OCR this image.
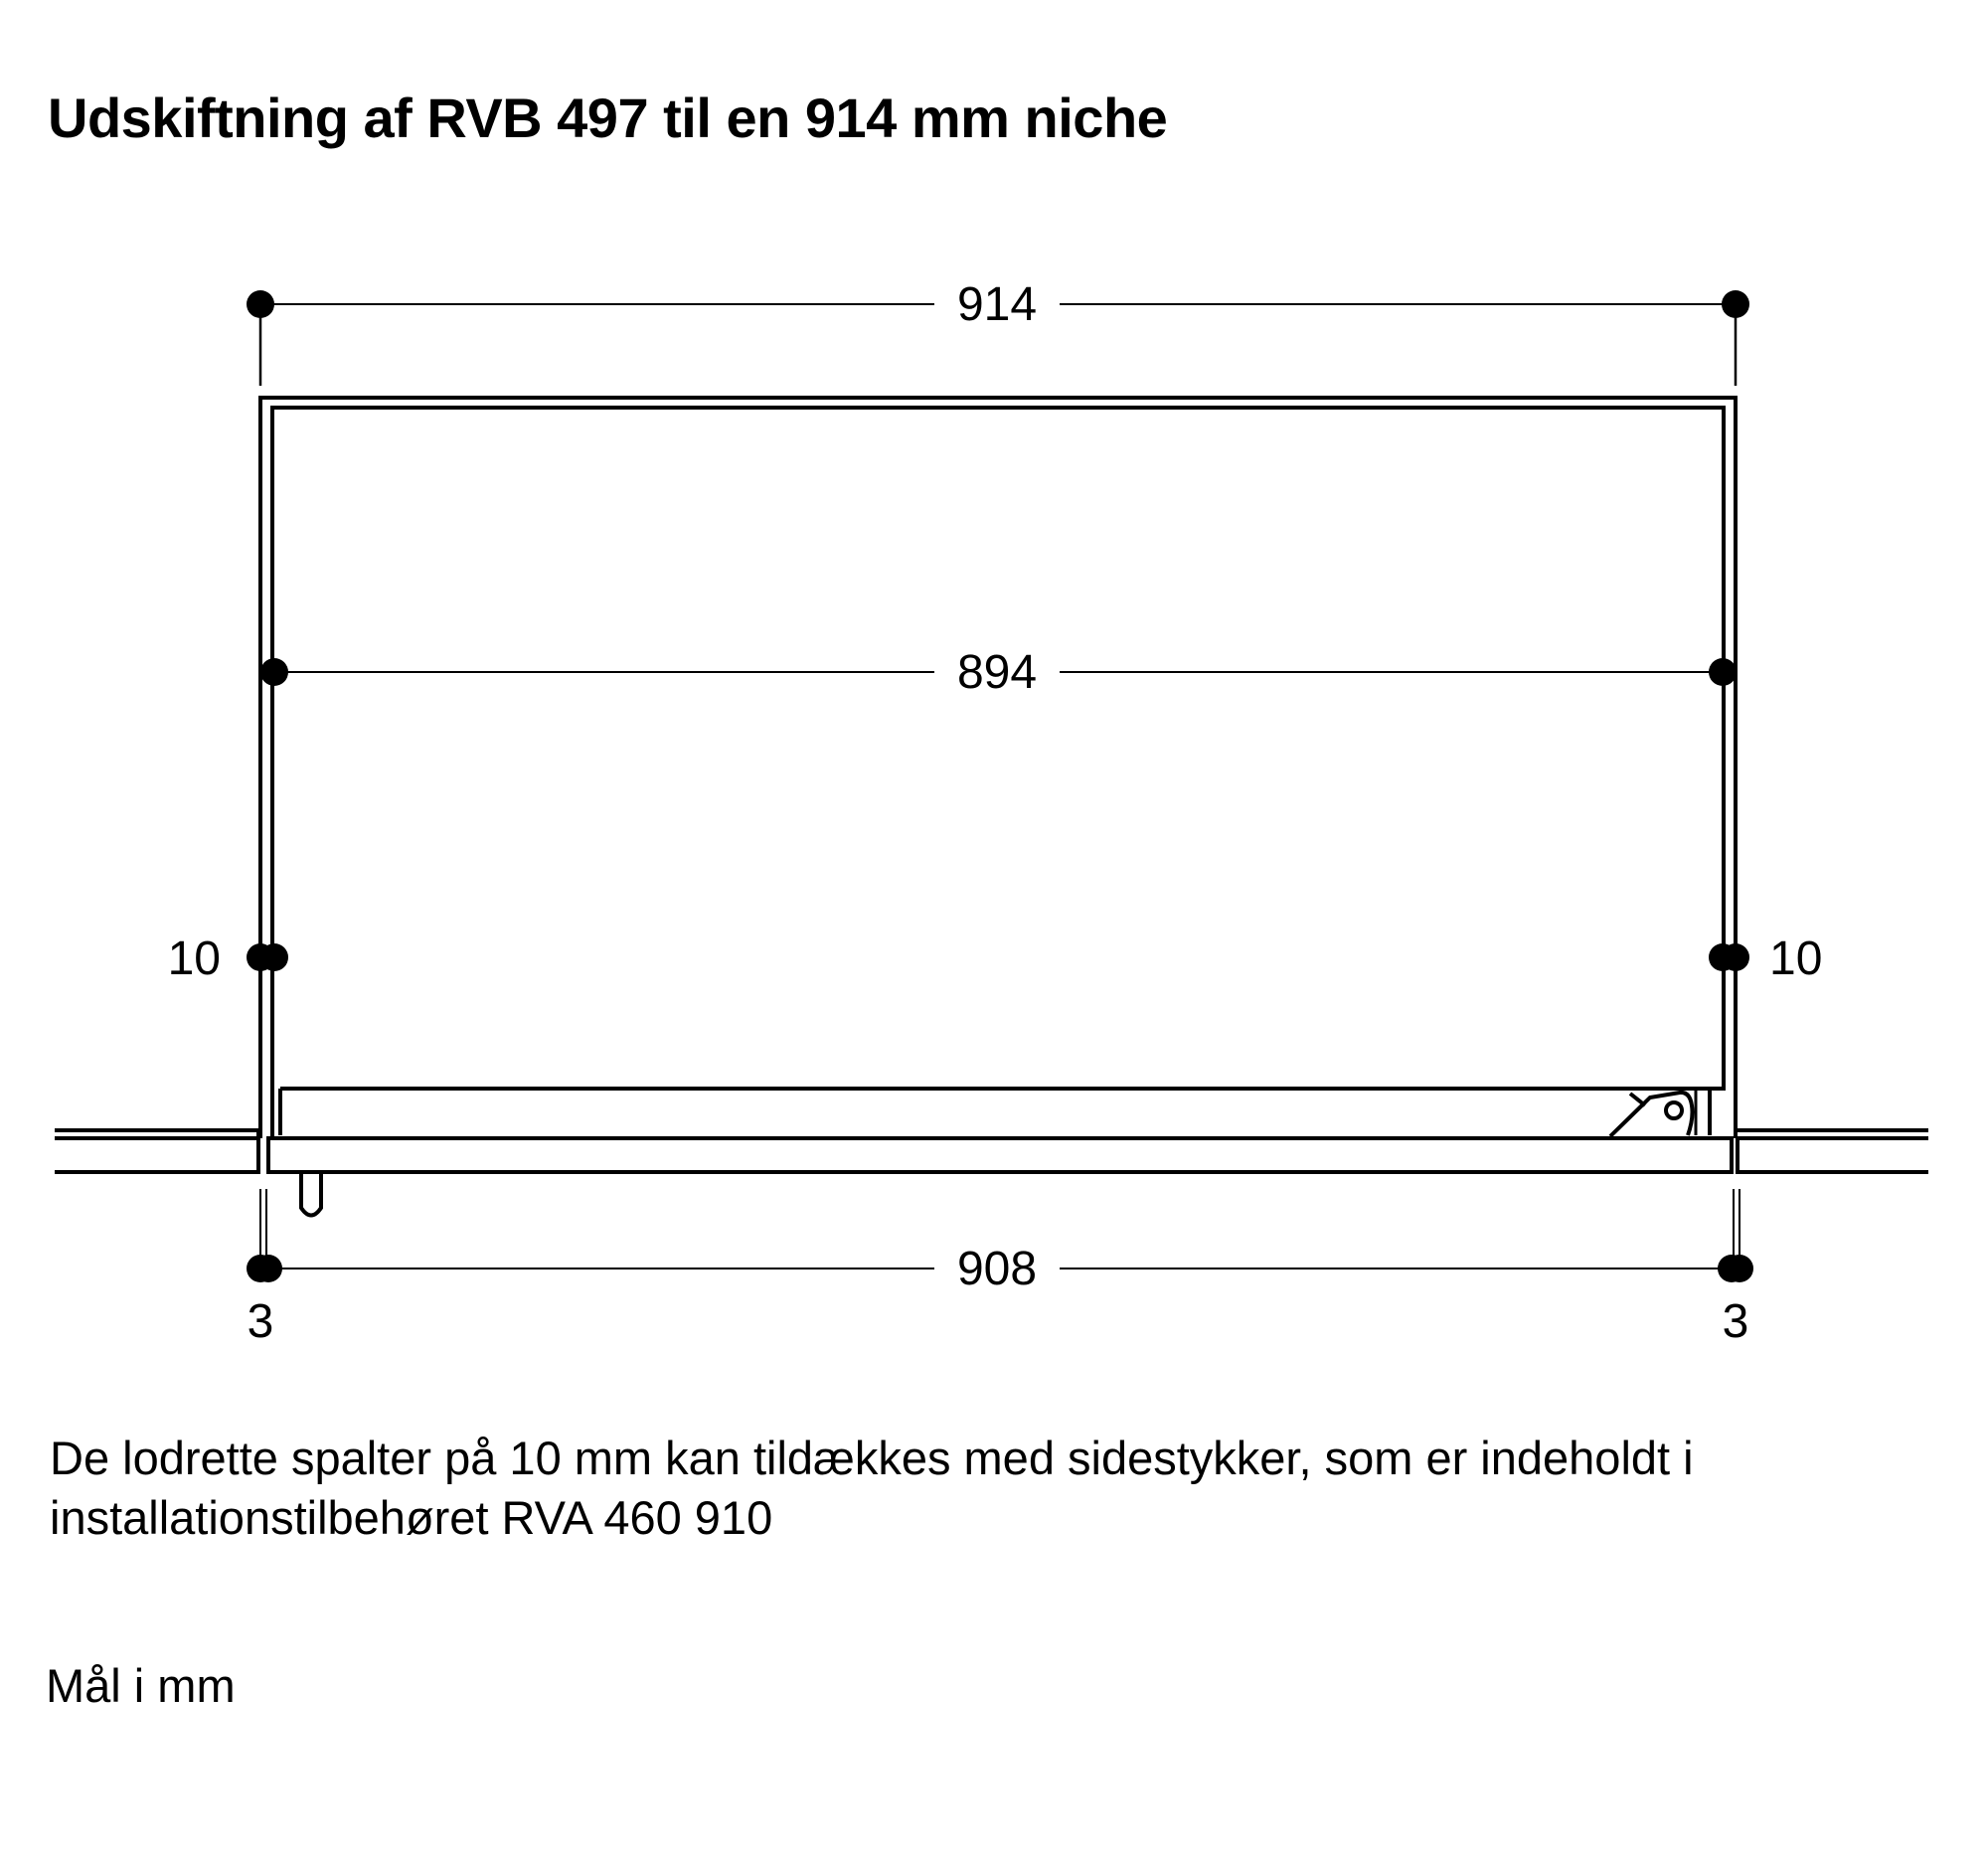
Udskiftning af RVB 497 til en 914 mm niche
914
894
908
10	10
3	3
De lodrette spalter på 10 mm kan tildækkes med sidestykker, som er indeholdt i
installationstilbehøret RVA 460 910
Mål i mm
